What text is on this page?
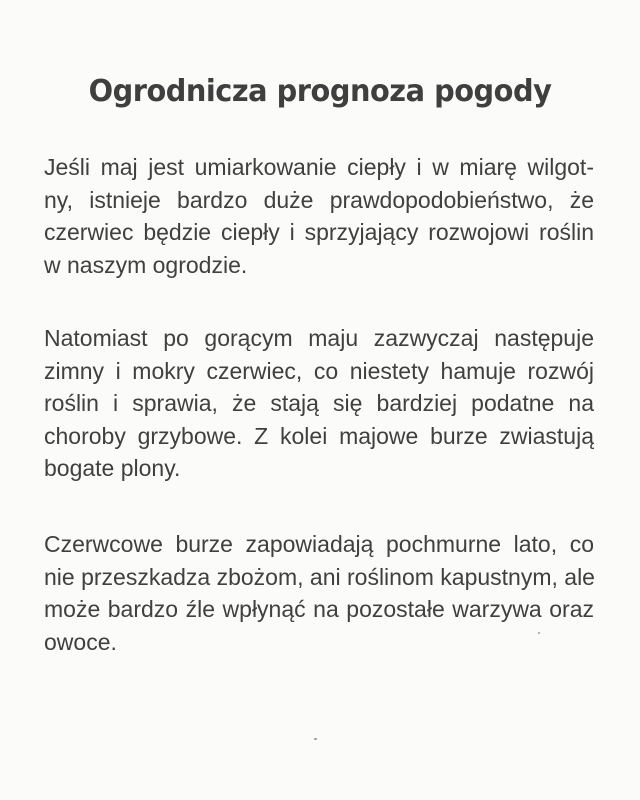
Ogrodnicza prognoza pogody

Jeśli maj jest umiarkowanie ciepły i w miarę wilgot-
ny, istnieje bardzo duże prawdopodobieństwo, że
czerwiec będzie ciepły i sprzyjający rozwojowi roślin
w naszym ogrodzie.

Natomiast po gorącym maju zazwyczaj następuje
zimny i mokry czerwiec, co niestety hamuje rozwój
roślin i sprawia, że stają się bardziej podatne na
choroby grzybowe. Z kolei majowe burze zwiastują
bogate plony.

Czerwcowe burze zapowiadają pochmurne lato, co
nie przeszkadza zbożom, ani roślinom kapustnym, ale
może bardzo źle wpłynąć na pozostałe warzywa oraz
owoce.
